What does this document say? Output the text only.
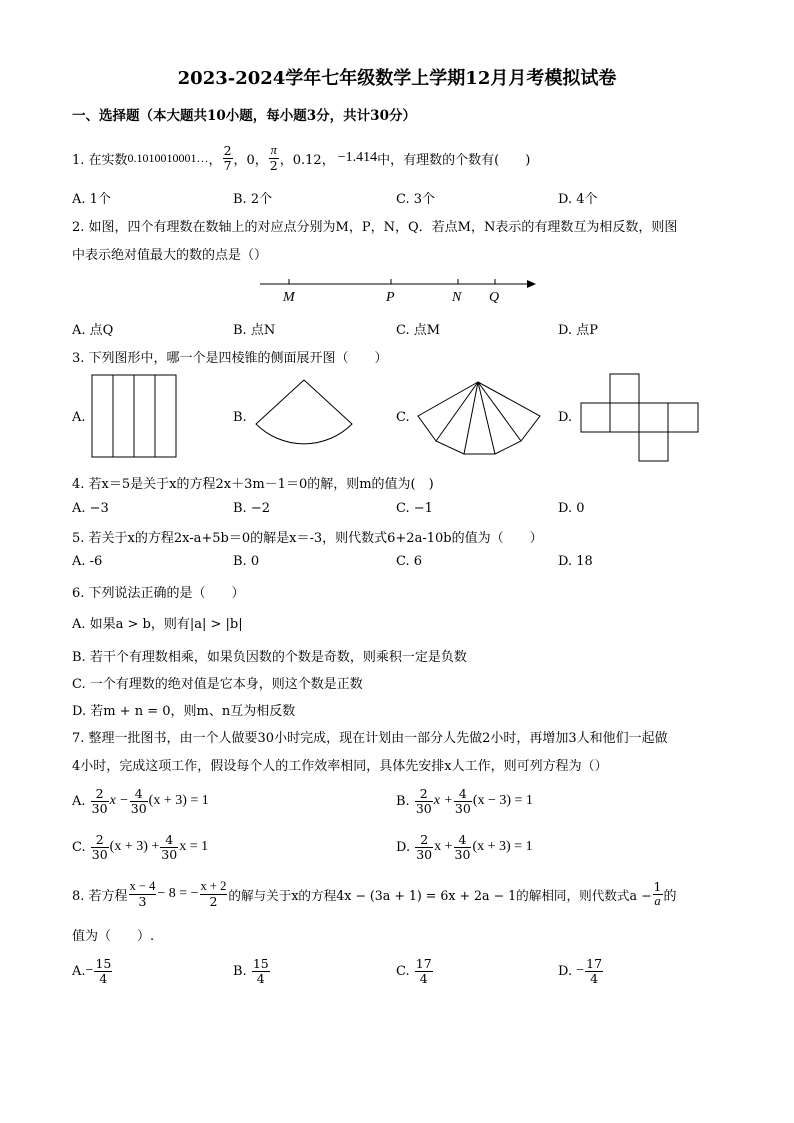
2023-2024学年七年级数学上学期12月月考模拟试卷
一、选择题（本大题共10小题，每小题3分，共计30分）
1. 在实数 0.1010010001… ，
2
7 ，0，
π
2 ，0.12， −1.414 中，有理数的个数有 (　　)
A. 1个	B. 2个	C. 3个	D. 4个
2. 如图，四个有理数在数轴上的对应点分别为M，P，N，Q．若点M，N表示的有理数互为相反数，则图
中表示绝对值最大的数的点是（）
M	P	N Q
A. 点Q	B. 点N	C. 点M	D. 点P
3. 下列图形中，哪一个是四棱锥的侧面展开图（　　）
A.	B.	C.	D.
4. 若x＝5是关于x的方程2x＋3m－1＝0的解，则m的值为(　)
A. −3	B. −2	C. −1	D. 0
5. 若关于x的方程2x-a+5b＝0的解是x＝-3，则代数式6+2a-10b的值为（　　）
A. -6	B. 0	C. 6	D. 18
6. 下列说法正确的是（　　）
A. 如果a > b，则有|a| > |b|
B. 若干个有理数相乘，如果负因数的个数是奇数，则乘积一定是负数
C. 一个有理数的绝对值是它本身，则这个数是正数
D. 若m + n = 0，则m、n互为相反数
7. 整理一批图书，由一个人做要30小时完成，现在计划由一部分人先做2小时，再增加3人和他们一起做
4小时，完成这项工作，假设每个人的工作效率相同，具体先安排x人工作，则可列方程为（）
A.

2
30 $x - \frac{4}{30} (x + 3) = 1$	B.

2
30 $x + \frac{4}{30} (x - 3) = 1$
C.

2
30 $(x + 3) + \frac{4}{30}$ x = 1	D.

2
30 $x + \frac{4}{30} (x + 3) = 1$
8. 若方程
x − 4
3 − 8 = − $\frac{x + 2}{2}$ 的解与关于x的方程4x − (3a + 1) = 6x + 2a − 1的解相同，则代数式$a - \frac{1}{a}$ 的
值为（　　）.
A. − $\frac{15}{4}$	B.

15
4	C.

17
4	D.
− $\frac{17}{4}$
